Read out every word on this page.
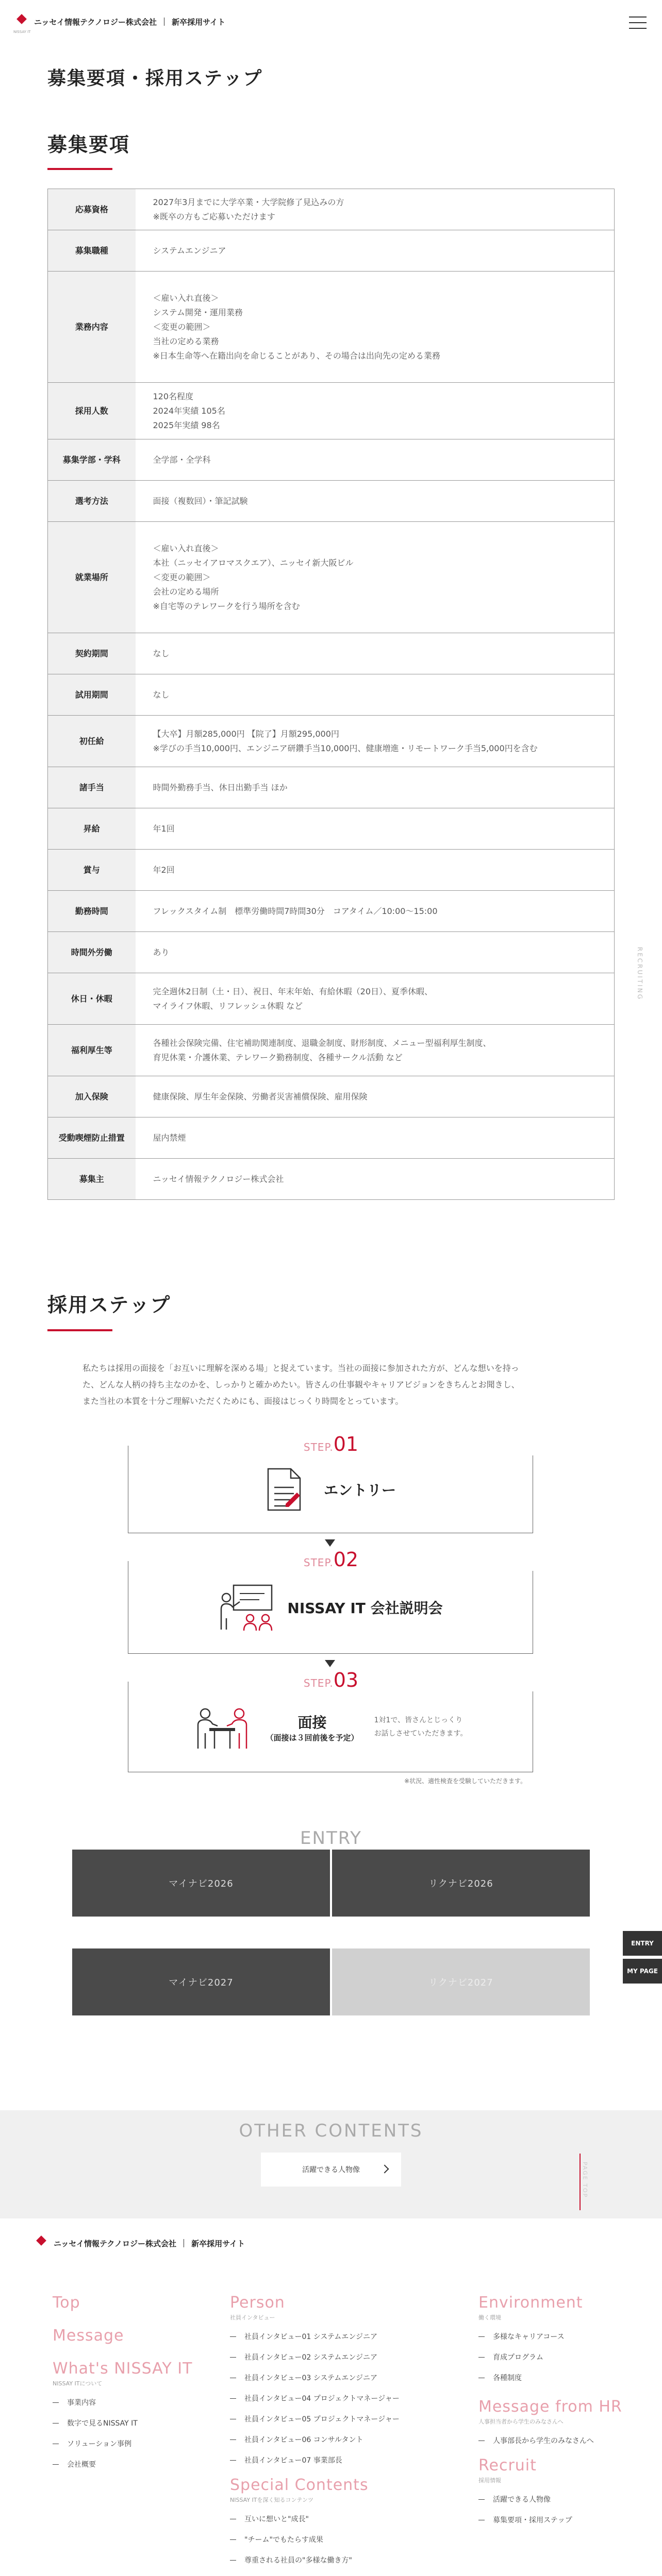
NISSAY IT
ニッセイ情報テクノロジー株式会社 新卒採用サイト
募集要項・採用ステップ
募集要項
応募資格	2027年3月までに大学卒業・大学院修了見込みの方
※既卒の方もご応募いただけます
募集職種	システムエンジニア
業務内容	＜雇い入れ直後＞
システム開発・運用業務
＜変更の範囲＞
当社の定める業務
※日本生命等へ在籍出向を命じることがあり、その場合は出向先の定める業務
採用人数	120名程度
2024年実績 105名
2025年実績 98名
募集学部・学科	全学部・全学科
選考方法	面接（複数回）・筆記試験
就業場所	＜雇い入れ直後＞
本社（ニッセイアロマスクエア）、ニッセイ新大阪ビル
＜変更の範囲＞
会社の定める場所
※自宅等のテレワークを行う場所を含む
契約期間	なし
試用期間	なし
初任給	【大卒】月額285,000円 【院了】月額295,000円
※学びの手当10,000円、エンジニア研鑽手当10,000円、健康増進・リモートワーク手当5,000円を含む
諸手当	時間外勤務手当、休日出勤手当 ほか
昇給	年1回
賞与	年2回
勤務時間	フレックスタイム制　標準労働時間7時間30分　コアタイム／10:00〜15:00
時間外労働	あり
休日・休暇	完全週休2日制（土・日）、祝日、年末年始、有給休暇（20日）、夏季休暇、
マイライフ休暇、リフレッシュ休暇 など
福利厚生等	各種社会保険完備、住宅補助関連制度、退職金制度、財形制度、メニュー型福利厚生制度、
育児休業・介護休業、テレワーク勤務制度、各種サークル活動 など
加入保険	健康保険、厚生年金保険、労働者災害補償保険、雇用保険
受動喫煙防止措置	屋内禁煙
募集主	ニッセイ情報テクノロジー株式会社
RECRUITING
採用ステップ

私たちは採用の面接を「お互いに理解を深める場」と捉えています。当社の面接に参加された方が、どんな想いを持っ
た、どんな人柄の持ち主なのかを、しっかりと確かめたい。皆さんの仕事観やキャリアビジョンをきちんとお聞きし、
また当社の本質を十分ご理解いただくためにも、面接はじっくり時間をとっています。

エントリー
STEP.01
NISSAY IT 会社説明会
STEP.02
面接
（面接は３回前後を予定）
1対1で、皆さんとじっくり
お話しさせていただきます。
STEP.03
※状況、適性検査を受験していただきます。
ENTRY
マイナビ2026	リクナビ2026
マイナビ2027	リクナビ2027
ENTRY
MY PAGE
OTHER CONTENTS
活躍できる人物像	PAGE TOP
ニッセイ情報テクノロジー株式会社 新卒採用サイト
Top
Message
What's NISSAY IT
NISSAY ITについて
事業内容
数字で見るNISSAY IT
ソリューション事例
会社概要
Person
社員インタビュー
社員インタビュー01 システムエンジニア
社員インタビュー02 システムエンジニア
社員インタビュー03 システムエンジニア
社員インタビュー04 プロジェクトマネージャー
社員インタビュー05 プロジェクトマネージャー
社員インタビュー06 コンサルタント
社員インタビュー07 事業部長
Special Contents
NISSAY ITを深く知るコンテンツ
互いに想いと"成長"
"チーム"でもたらす成果
尊重される社員の"多様な働き方"
Environment
働く環境
多様なキャリアコース
育成プログラム
各種制度
Message from HR
人事担当者から学生のみなさんへ
人事部長から学生のみなさんへ
Recruit
採用情報
活躍できる人物像
募集要項・採用ステップ
